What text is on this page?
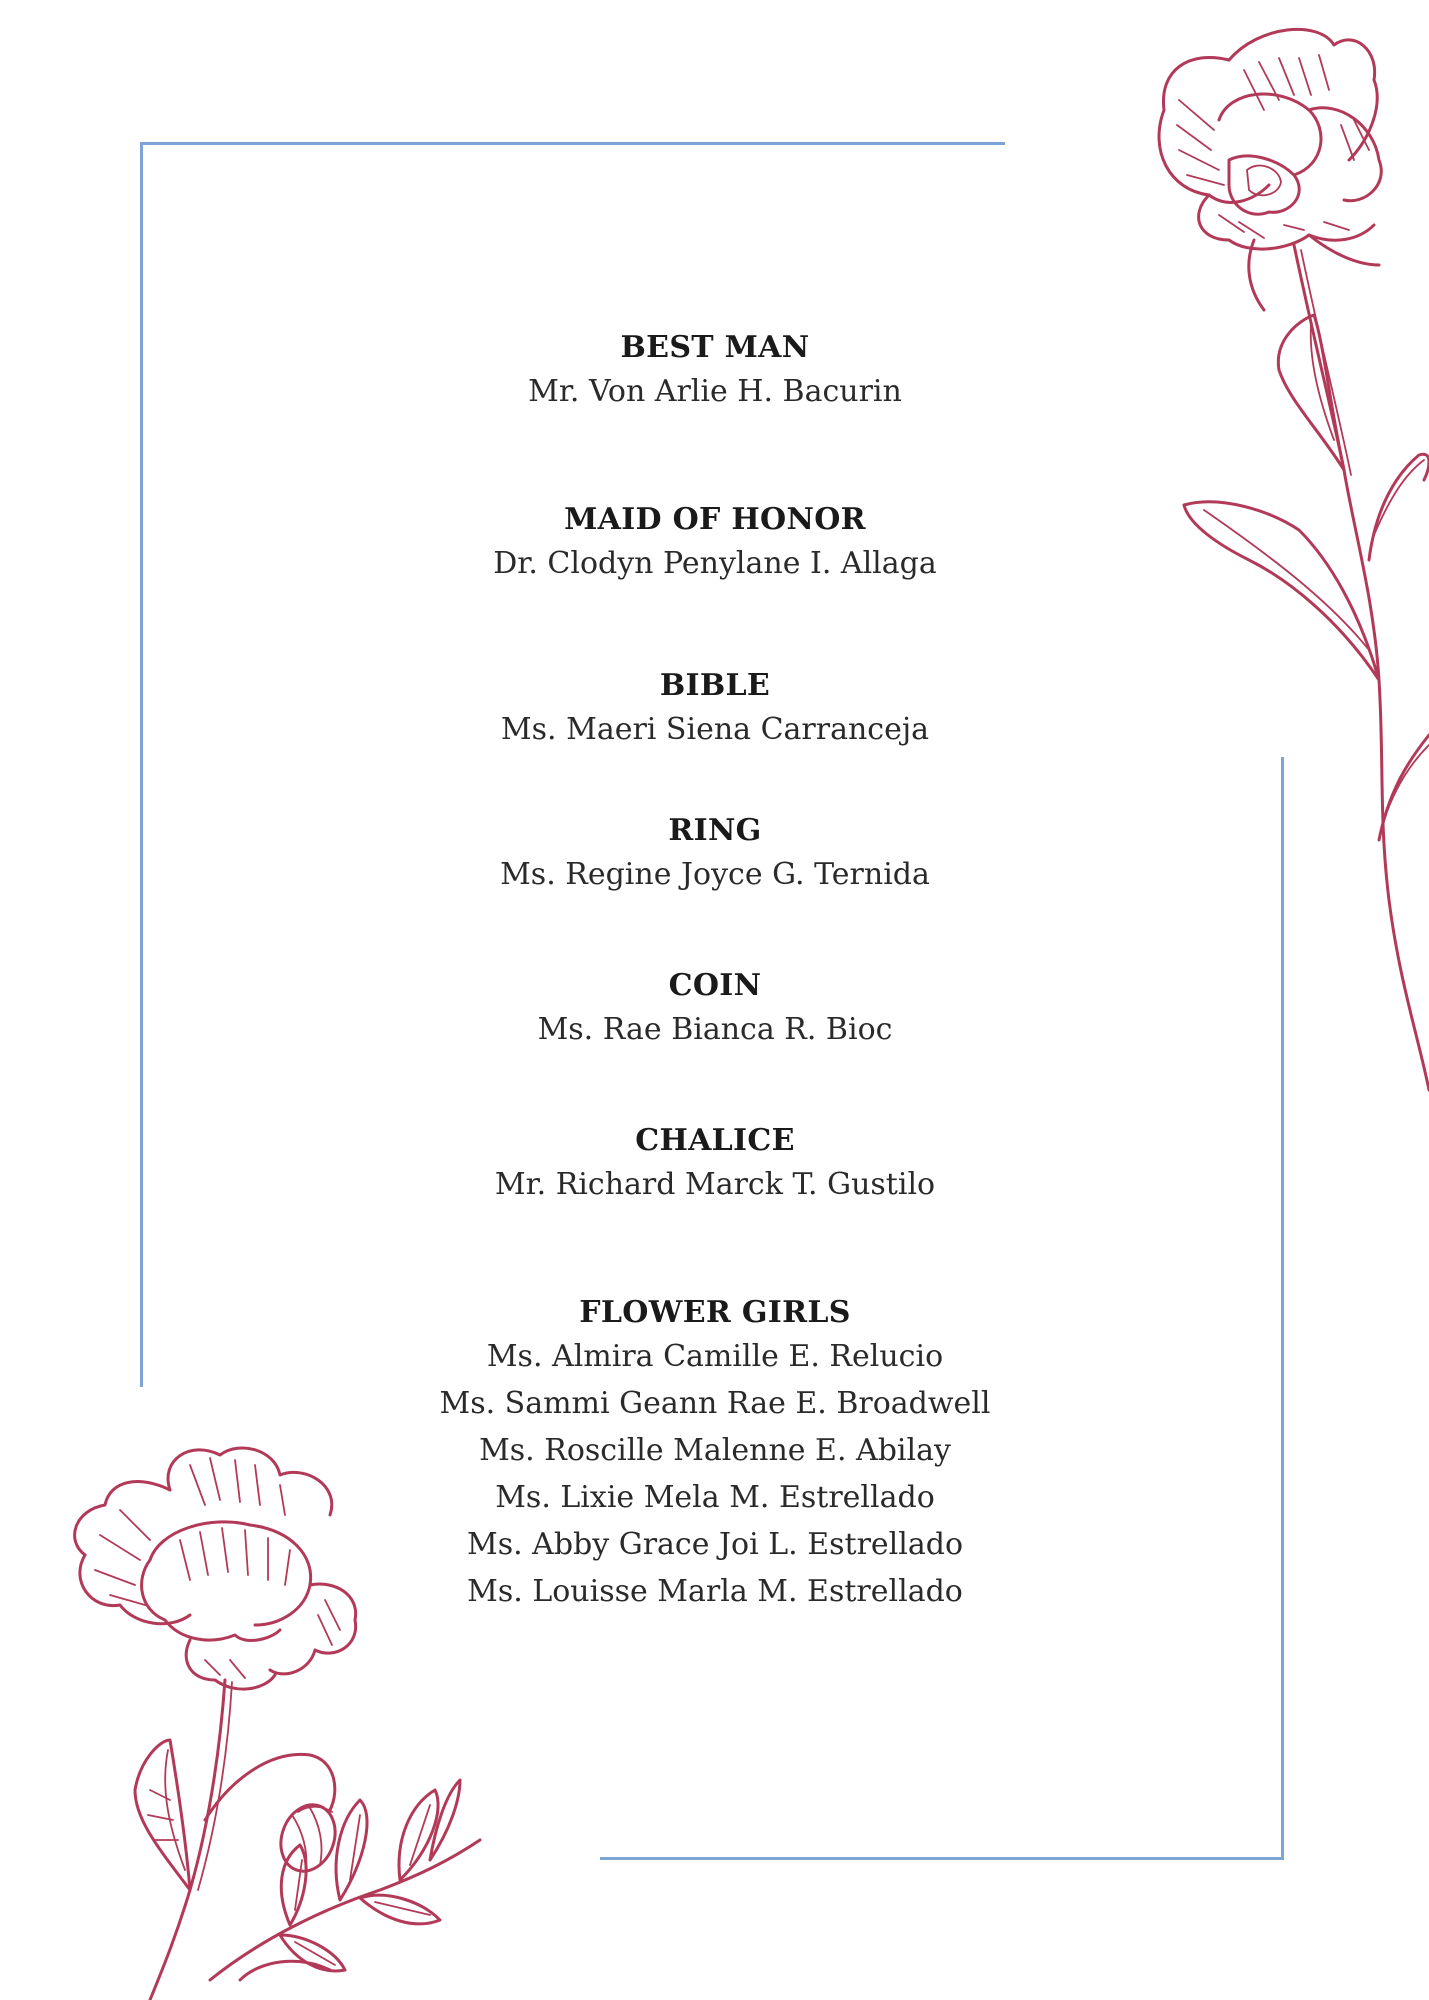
BEST MAN
Mr. Von Arlie H. Bacurin
MAID OF HONOR
Dr. Clodyn Penylane I. Allaga
BIBLE
Ms. Maeri Siena Carranceja
RING
Ms. Regine Joyce G. Ternida
COIN
Ms. Rae Bianca R. Bioc
CHALICE
Mr. Richard Marck T. Gustilo
FLOWER GIRLS
Ms. Almira Camille E. Relucio
Ms. Sammi Geann Rae E. Broadwell
Ms. Roscille Malenne E. Abilay
Ms. Lixie Mela M. Estrellado
Ms. Abby Grace Joi L. Estrellado
Ms. Louisse Marla M. Estrellado
